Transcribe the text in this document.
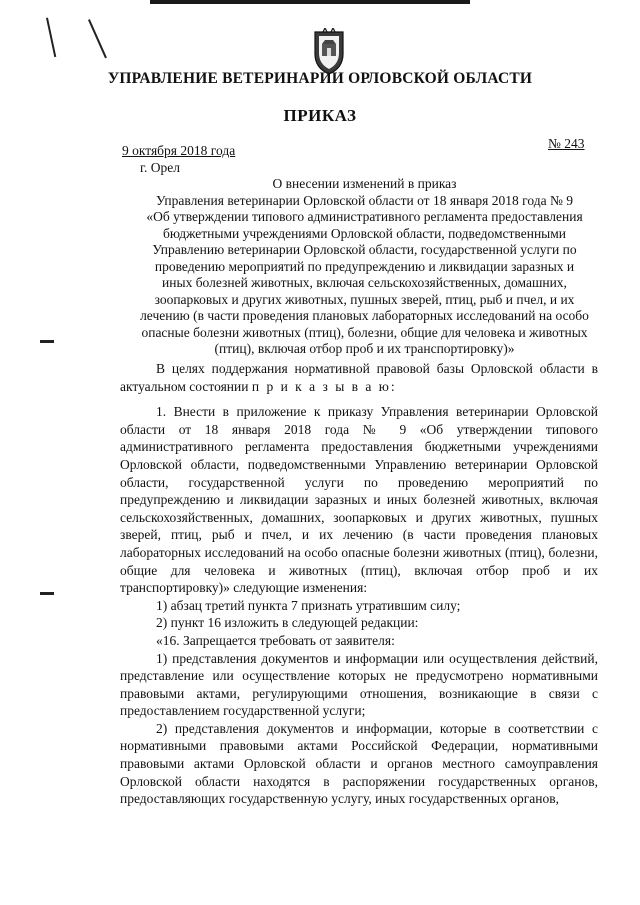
УПРАВЛЕНИЕ ВЕТЕРИНАРИИ ОРЛОВСКОЙ ОБЛАСТИ
ПРИКАЗ
9 октября 2018 года	№ 243
г. Орел
О внесении изменений в приказ
Управления ветеринарии Орловской области от 18 января 2018 года № 9
«Об утверждении типового административного регламента предоставления
бюджетными учреждениями Орловской области, подведомственными
Управлению ветеринарии Орловской области, государственной услуги по
проведению мероприятий по предупреждению и ликвидации заразных и
иных болезней животных, включая сельскохозяйственных, домашних,
зоопарковых и других животных, пушных зверей, птиц, рыб и пчел, и их
лечению (в части проведения плановых лабораторных исследований на особо
опасные болезни животных (птиц), болезни, общие для человека и животных
(птиц), включая отбор проб и их транспортировку)»

В целях поддержания нормативной правовой базы Орловской области в актуальном состоянии п р и к а з ы в а ю:

1. Внести в приложение к приказу Управления ветеринарии Орловской области от 18 января 2018 года № 9 «Об утверждении типового административного регламента предоставления бюджетными учреждениями Орловской области, подведомственными Управлению ветеринарии Орловской области, государственной услуги по проведению мероприятий по предупреждению и ликвидации заразных и иных болезней животных, включая сельскохозяйственных, домашних, зоопарковых и других животных, пушных зверей, птиц, рыб и пчел, и их лечению (в части проведения плановых лабораторных исследований на особо опасные болезни животных (птиц), болезни, общие для человека и животных (птиц), включая отбор проб и их транспортировку)» следующие изменения:

1) абзац третий пункта 7 признать утратившим силу;

2) пункт 16 изложить в следующей редакции:

«16. Запрещается требовать от заявителя:

1) представления документов и информации или осуществления действий, представление или осуществление которых не предусмотрено нормативными правовыми актами, регулирующими отношения, возникающие в связи с предоставлением государственной услуги;

2) представления документов и информации, которые в соответствии с нормативными правовыми актами Российской Федерации, нормативными правовыми актами Орловской области и органов местного самоуправления Орловской области находятся в распоряжении государственных органов, предоставляющих государственную услугу, иных государственных органов,
